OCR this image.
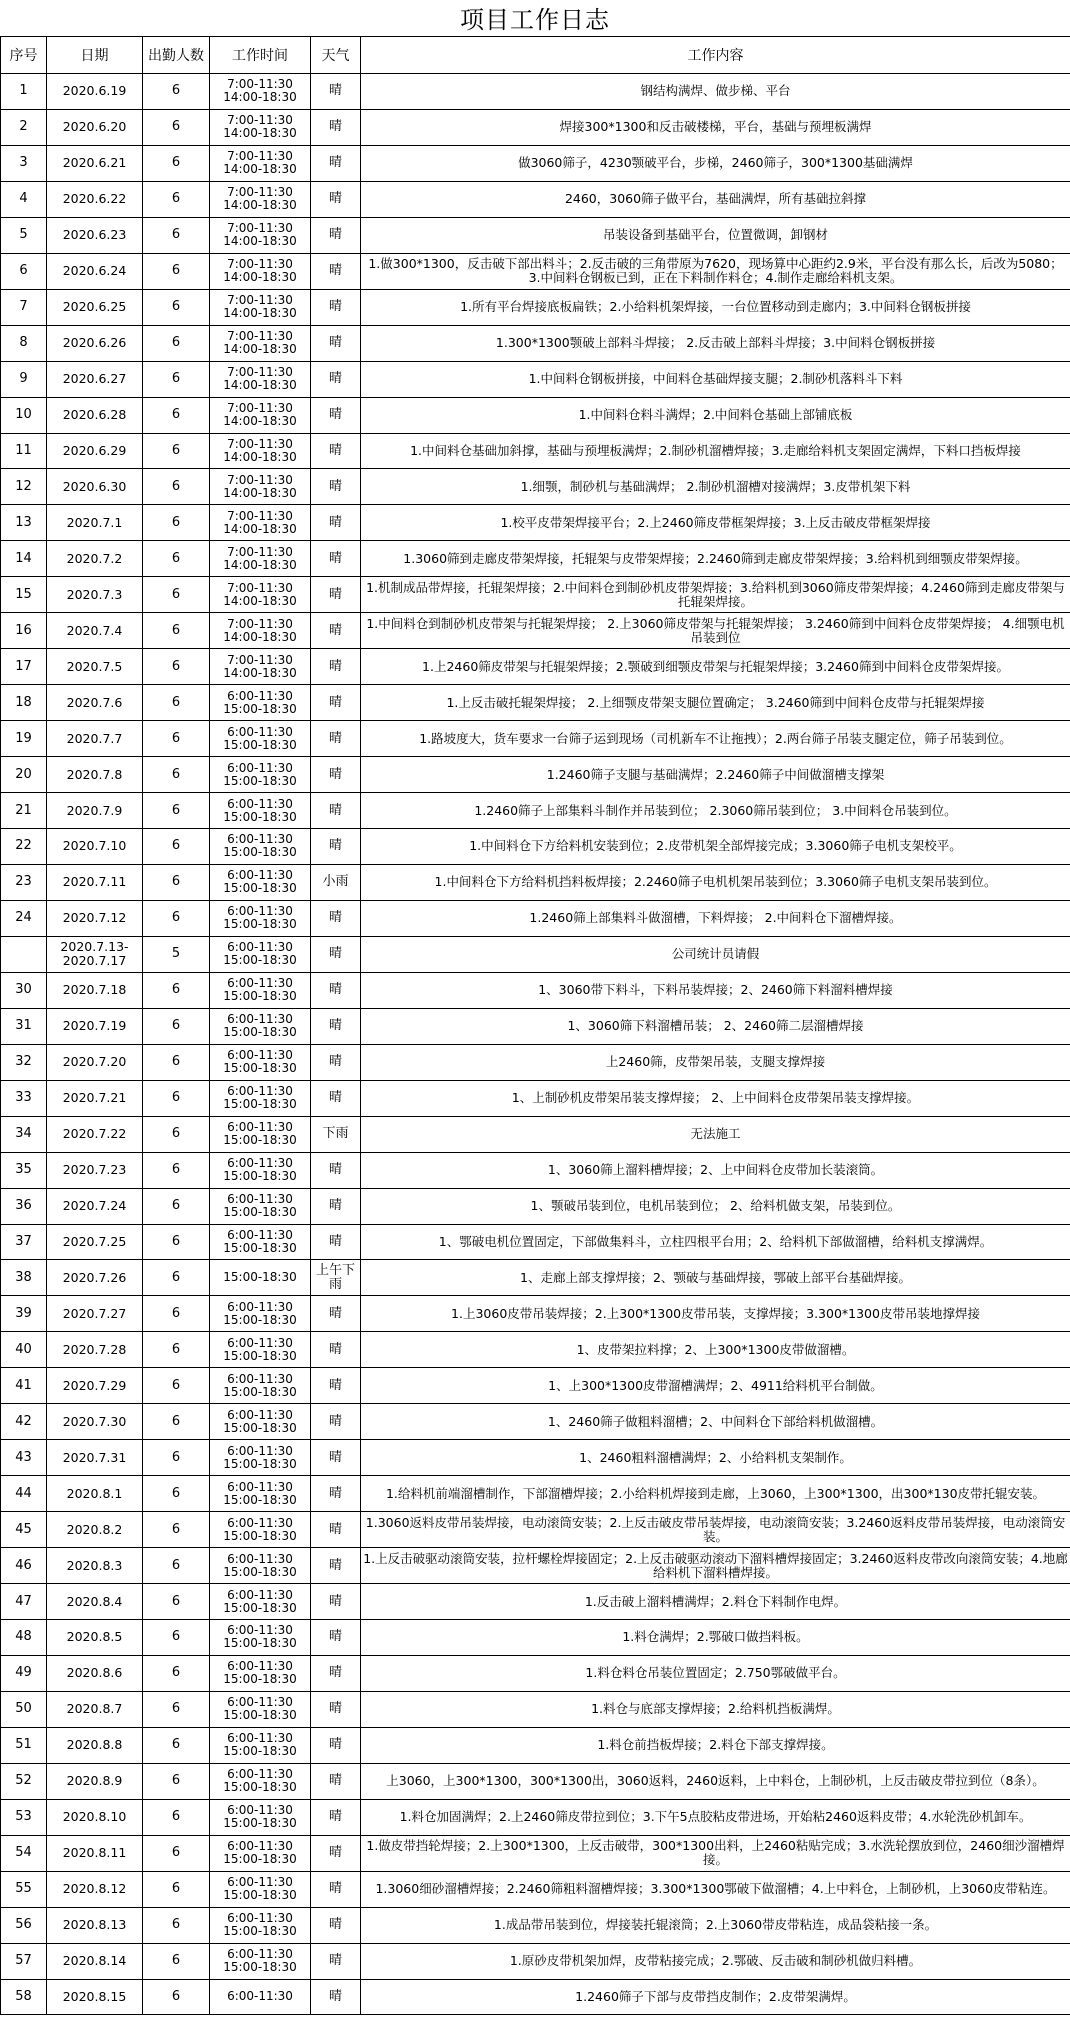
项目工作日志
序号	日期	出勤人数	工作时间	天气	工作内容
1	2020.6.19	6	7:00-11:30
14:00-18:30	晴	钢结构满焊、做步梯、平台
2	2020.6.20	6	7:00-11:30
14:00-18:30	晴	焊接300*1300和反击破楼梯，平台，基础与预埋板满焊
3	2020.6.21	6	7:00-11:30
14:00-18:30	晴	做3060筛子，4230颚破平台，步梯，2460筛子，300*1300基础满焊
4	2020.6.22	6	7:00-11:30
14:00-18:30	晴	2460，3060筛子做平台，基础满焊，所有基础拉斜撑
5	2020.6.23	6	7:00-11:30
14:00-18:30	晴	吊装设备到基础平台，位置微调，卸钢材
6	2020.6.24	6	7:00-11:30
14:00-18:30	晴	1.做300*1300，反击破下部出料斗；2.反击破的三角带原为7620，现场算中心距约2.9米，平台没有那么长，后改为5080；3.中间料仓钢板已到，正在下料制作料仓；4.制作走廊给料机支架。
7	2020.6.25	6	7:00-11:30
14:00-18:30	晴	1.所有平台焊接底板扁铁；2.小给料机架焊接，一台位置移动到走廊内；3.中间料仓钢板拼接
8	2020.6.26	6	7:00-11:30
14:00-18:30	晴	1.300*1300颚破上部料斗焊接； 2.反击破上部料斗焊接；3.中间料仓钢板拼接
9	2020.6.27	6	7:00-11:30
14:00-18:30	晴	1.中间料仓钢板拼接，中间料仓基础焊接支腿；2.制砂机落料斗下料
10	2020.6.28	6	7:00-11:30
14:00-18:30	晴	1.中间料仓料斗满焊；2.中间料仓基础上部铺底板
11	2020.6.29	6	7:00-11:30
14:00-18:30	晴	1.中间料仓基础加斜撑，基础与预埋板满焊；2.制砂机溜槽焊接；3.走廊给料机支架固定满焊，下料口挡板焊接
12	2020.6.30	6	7:00-11:30
14:00-18:30	晴	1.细颚，制砂机与基础满焊； 2.制砂机溜槽对接满焊；3.皮带机架下料
13	2020.7.1	6	7:00-11:30
14:00-18:30	晴	1.校平皮带架焊接平台；2.上2460筛皮带框架焊接；3.上反击破皮带框架焊接
14	2020.7.2	6	7:00-11:30
14:00-18:30	晴	1.3060筛到走廊皮带架焊接，托辊架与皮带架焊接；2.2460筛到走廊皮带架焊接；3.给料机到细颚皮带架焊接。
15	2020.7.3	6	7:00-11:30
14:00-18:30	晴	1.机制成品带焊接，托辊架焊接；2.中间料仓到制砂机皮带架焊接；3.给料机到3060筛皮带架焊接；4.2460筛到走廊皮带架与托辊架焊接。
16	2020.7.4	6	7:00-11:30
14:00-18:30	晴	1.中间料仓到制砂机皮带架与托辊架焊接； 2.上3060筛皮带架与托辊架焊接； 3.2460筛到中间料仓皮带架焊接； 4.细颚电机吊装到位
17	2020.7.5	6	7:00-11:30
14:00-18:30	晴	1.上2460筛皮带架与托辊架焊接；2.颚破到细颚皮带架与托辊架焊接；3.2460筛到中间料仓皮带架焊接。
18	2020.7.6	6	6:00-11:30
15:00-18:30	晴	1.上反击破托辊架焊接； 2.上细颚皮带架支腿位置确定； 3.2460筛到中间料仓皮带与托辊架焊接
19	2020.7.7	6	6:00-11:30
15:00-18:30	晴	1.路坡度大，货车要求一台筛子运到现场（司机新车不让拖拽）；2.两台筛子吊装支腿定位，筛子吊装到位。
20	2020.7.8	6	6:00-11:30
15:00-18:30	晴	1.2460筛子支腿与基础满焊；2.2460筛子中间做溜槽支撑架
21	2020.7.9	6	6:00-11:30
15:00-18:30	晴	1.2460筛子上部集料斗制作并吊装到位； 2.3060筛吊装到位； 3.中间料仓吊装到位。
22	2020.7.10	6	6:00-11:30
15:00-18:30	晴	1.中间料仓下方给料机安装到位；2.皮带机架全部焊接完成；3.3060筛子电机支架校平。
23	2020.7.11	6	6:00-11:30
15:00-18:30	小雨	1.中间料仓下方给料机挡料板焊接；2.2460筛子电机机架吊装到位；3.3060筛子电机支架吊装到位。
24	2020.7.12	6	6:00-11:30
15:00-18:30	晴	1.2460筛上部集料斗做溜槽，下料焊接； 2.中间料仓下溜槽焊接。
	2020.7.13-
2020.7.17	5	6:00-11:30
15:00-18:30	晴	公司统计员请假
30	2020.7.18	6	6:00-11:30
15:00-18:30	晴	1、3060带下料斗，下料吊装焊接；2、2460筛下料溜料槽焊接
31	2020.7.19	6	6:00-11:30
15:00-18:30	晴	1、3060筛下料溜槽吊装； 2、2460筛二层溜槽焊接
32	2020.7.20	6	6:00-11:30
15:00-18:30	晴	上2460筛，皮带架吊装，支腿支撑焊接
33	2020.7.21	6	6:00-11:30
15:00-18:30	晴	1、上制砂机皮带架吊装支撑焊接； 2、上中间料仓皮带架吊装支撑焊接。
34	2020.7.22	6	6:00-11:30
15:00-18:30	下雨	无法施工
35	2020.7.23	6	6:00-11:30
15:00-18:30	晴	1、3060筛上溜料槽焊接；2、上中间料仓皮带加长装滚筒。
36	2020.7.24	6	6:00-11:30
15:00-18:30	晴	1、颚破吊装到位，电机吊装到位； 2、给料机做支架，吊装到位。
37	2020.7.25	6	6:00-11:30
15:00-18:30	晴	1、鄂破电机位置固定，下部做集料斗，立柱四根平台用；2、给料机下部做溜槽，给料机支撑满焊。
38	2020.7.26	6	15:00-18:30	上午下雨	1、走廊上部支撑焊接；2、颚破与基础焊接，鄂破上部平台基础焊接。
39	2020.7.27	6	6:00-11:30
15:00-18:30	晴	1.上3060皮带吊装焊接；2.上300*1300皮带吊装，支撑焊接；3.300*1300皮带吊装地撑焊接
40	2020.7.28	6	6:00-11:30
15:00-18:30	晴	1、皮带架拉料撑；2、上300*1300皮带做溜槽。
41	2020.7.29	6	6:00-11:30
15:00-18:30	晴	1、上300*1300皮带溜槽满焊；2、4911给料机平台制做。
42	2020.7.30	6	6:00-11:30
15:00-18:30	晴	1、2460筛子做粗料溜槽；2、中间料仓下部给料机做溜槽。
43	2020.7.31	6	6:00-11:30
15:00-18:30	晴	1、2460粗料溜槽满焊；2、小给料机支架制作。
44	2020.8.1	6	6:00-11:30
15:00-18:30	晴	1.给料机前端溜槽制作，下部溜槽焊接；2.小给料机焊接到走廊，上3060，上300*1300，出300*130皮带托辊安装。
45	2020.8.2	6	6:00-11:30
15:00-18:30	晴	1.3060返料皮带吊装焊接，电动滚筒安装；2.上反击破皮带吊装焊接，电动滚筒安装；3.2460返料皮带吊装焊接，电动滚筒安装。
46	2020.8.3	6	6:00-11:30
15:00-18:30	晴	1.上反击破驱动滚筒安装，拉杆螺栓焊接固定；2.上反击破驱动滚动下溜料槽焊接固定；3.2460返料皮带改向滚筒安装；4.地廊给料机下溜料槽焊接。
47	2020.8.4	6	6:00-11:30
15:00-18:30	晴	1.反击破上溜料槽满焊；2.料仓下料制作电焊。
48	2020.8.5	6	6:00-11:30
15:00-18:30	晴	1.料仓满焊；2.鄂破口做挡料板。
49	2020.8.6	6	6:00-11:30
15:00-18:30	晴	1.料仓料仓吊装位置固定；2.750鄂破做平台。
50	2020.8.7	6	6:00-11:30
15:00-18:30	晴	1.料仓与底部支撑焊接；2.给料机挡板满焊。
51	2020.8.8	6	6:00-11:30
15:00-18:30	晴	1.料仓前挡板焊接；2.料仓下部支撑焊接。
52	2020.8.9	6	6:00-11:30
15:00-18:30	晴	上3060，上300*1300，300*1300出，3060返料，2460返料，上中料仓，上制砂机，上反击破皮带拉到位（8条）。
53	2020.8.10	6	6:00-11:30
15:00-18:30	晴	1.料仓加固满焊；2.上2460筛皮带拉到位；3.下午5点胶粘皮带进场，开始粘2460返料皮带；4.水轮洗砂机卸车。
54	2020.8.11	6	6:00-11:30
15:00-18:30	晴	1.做皮带挡轮焊接；2.上300*1300，上反击破带，300*1300出料，上2460粘贴完成；3.水洗轮摆放到位，2460细沙溜槽焊接。
55	2020.8.12	6	6:00-11:30
15:00-18:30	晴	1.3060细砂溜槽焊接；2.2460筛粗料溜槽焊接；3.300*1300鄂破下做溜槽；4.上中料仓，上制砂机，上3060皮带粘连。
56	2020.8.13	6	6:00-11:30
15:00-18:30	晴	1.成品带吊装到位，焊接装托辊滚筒；2.上3060带皮带粘连，成品袋粘接一条。
57	2020.8.14	6	6:00-11:30
15:00-18:30	晴	1.原砂皮带机架加焊，皮带粘接完成；2.鄂破、反击破和制砂机做归料槽。
58	2020.8.15	6	6:00-11:30	晴	1.2460筛子下部与皮带挡皮制作；2.皮带架满焊。
